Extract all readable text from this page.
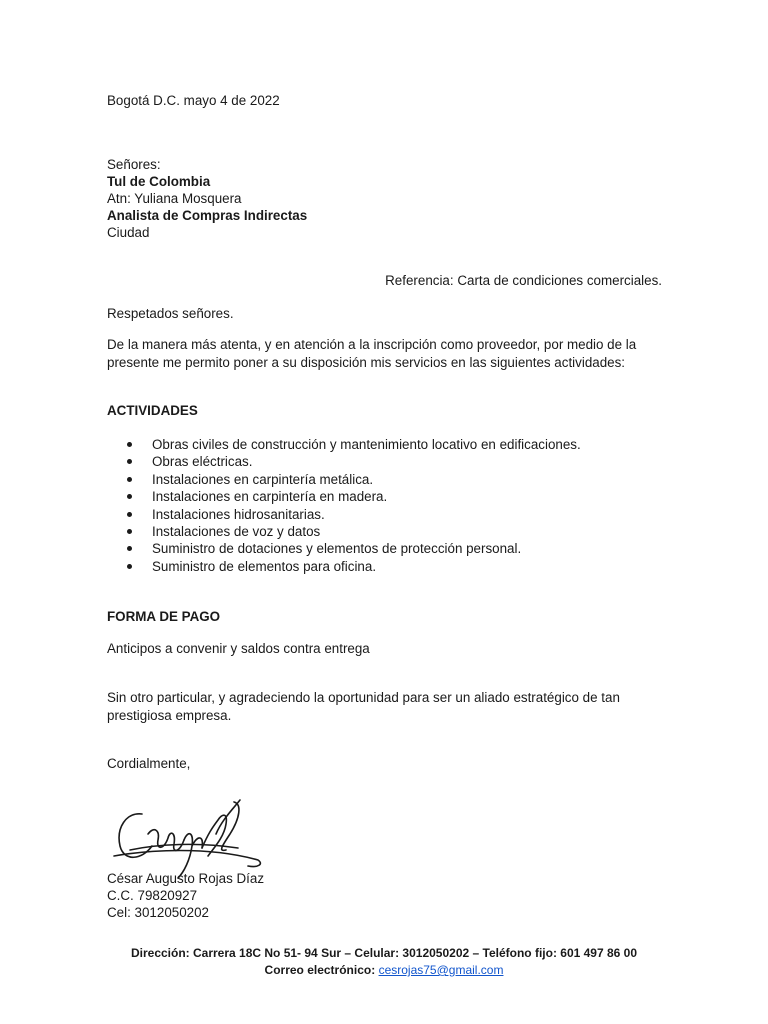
Bogotá D.C. mayo 4 de 2022
Señores:
Tul de Colombia
Atn: Yuliana Mosquera
Analista de Compras Indirectas
Ciudad
Referencia: Carta de condiciones comerciales.
Respetados señores.
De la manera más atenta, y en atención a la inscripción como proveedor, por medio de la presente me permito poner a su disposición mis servicios en las siguientes actividades:
ACTIVIDADES
Obras civiles de construcción y mantenimiento locativo en edificaciones.
Obras eléctricas.
Instalaciones en carpintería metálica.
Instalaciones en carpintería en madera.
Instalaciones hidrosanitarias.
Instalaciones de voz y datos
Suministro de dotaciones y elementos de protección personal.
Suministro de elementos para oficina.
FORMA DE PAGO
Anticipos a convenir y saldos contra entrega
Sin otro particular, y agradeciendo la oportunidad para ser un aliado estratégico de tan prestigiosa empresa.
Cordialmente,
César Augusto Rojas Díaz
C.C. 79820927
Cel: 3012050202
Dirección: Carrera 18C No 51- 94 Sur – Celular: 3012050202 – Teléfono fijo: 601 497 86 00
Correo electrónico: cesrojas75@gmail.com
